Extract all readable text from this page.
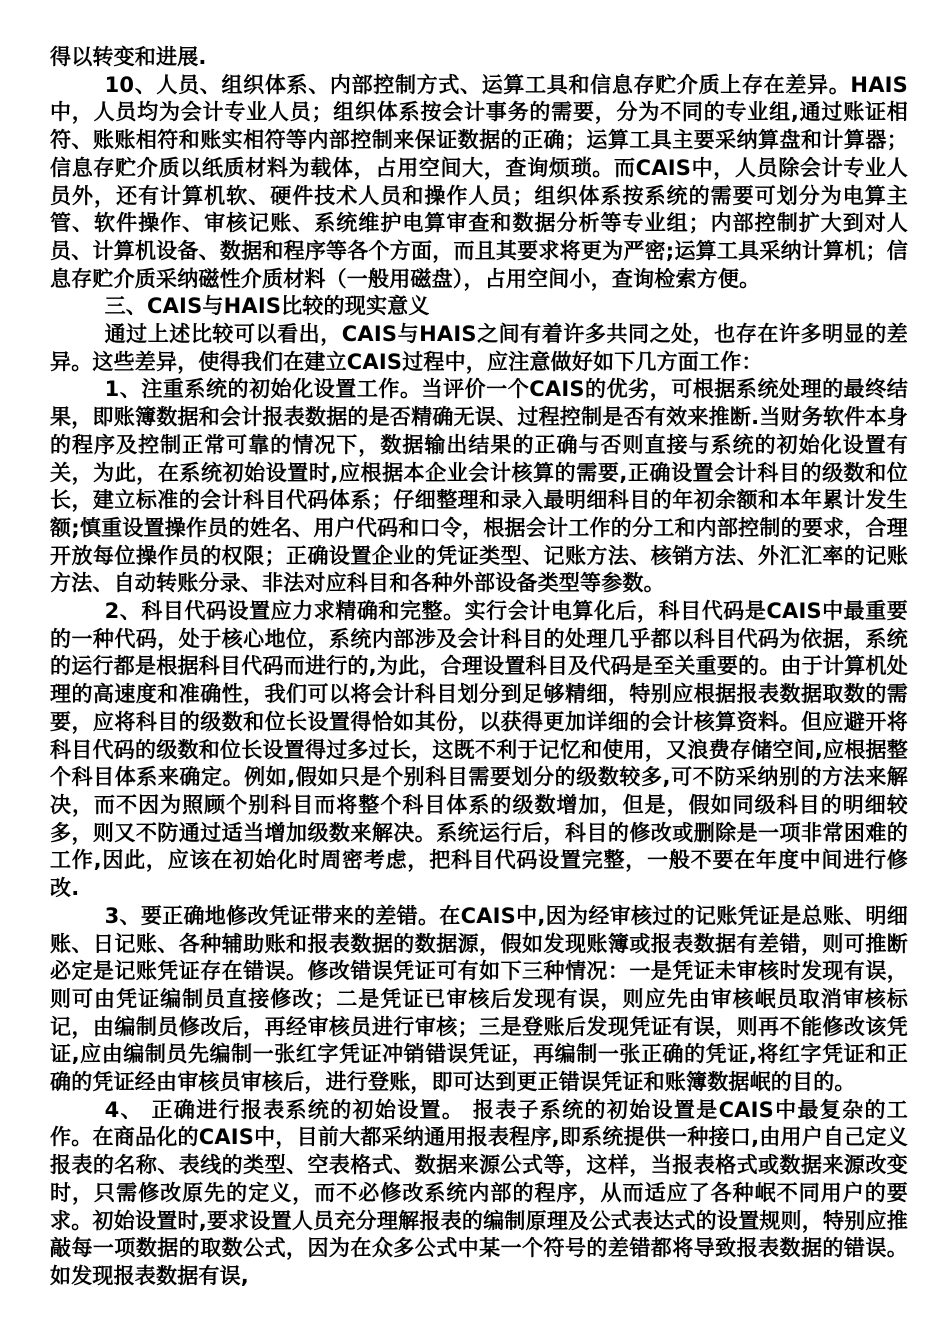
得以转变和进展.

10、人员、组织体系、内部控制方式、运算工具和信息存贮介质上存在差异。HAIS中，人员均为会计专业人员；组织体系按会计事务的需要，分为不同的专业组,通过账证相符、账账相符和账实相符等内部控制来保证数据的正确；运算工具主要采纳算盘和计算器；信息存贮介质以纸质材料为载体，占用空间大，查询烦琐。而CAIS中，人员除会计专业人员外，还有计算机软、硬件技术人员和操作人员；组织体系按系统的需要可划分为电算主管、软件操作、审核记账、系统维护电算审查和数据分析等专业组；内部控制扩大到对人员、计算机设备、数据和程序等各个方面，而且其要求将更为严密;运算工具采纳计算机；信息存贮介质采纳磁性介质材料（一般用磁盘），占用空间小，查询检索方便。

三、CAIS与HAIS比较的现实意义

通过上述比较可以看出，CAIS与HAIS之间有着许多共同之处，也存在许多明显的差异。这些差异，使得我们在建立CAIS过程中，应注意做好如下几方面工作：

1、注重系统的初始化设置工作。当评价一个CAIS的优劣，可根据系统处理的最终结果，即账簿数据和会计报表数据的是否精确无误、过程控制是否有效来推断.当财务软件本身的程序及控制正常可靠的情况下，数据输出结果的正确与否则直接与系统的初始化设置有关，为此，在系统初始设置时,应根据本企业会计核算的需要,正确设置会计科目的级数和位长，建立标准的会计科目代码体系；仔细整理和录入最明细科目的年初余额和本年累计发生额;慎重设置操作员的姓名、用户代码和口令，根据会计工作的分工和内部控制的要求，合理开放每位操作员的权限；正确设置企业的凭证类型、记账方法、核销方法、外汇汇率的记账方法、自动转账分录、非法对应科目和各种外部设备类型等参数。

2、科目代码设置应力求精确和完整。实行会计电算化后，科目代码是CAIS中最重要的一种代码，处于核心地位，系统内部涉及会计科目的处理几乎都以科目代码为依据，系统的运行都是根据科目代码而进行的,为此，合理设置科目及代码是至关重要的。由于计算机处理的高速度和准确性，我们可以将会计科目划分到足够精细，特别应根据报表数据取数的需要，应将科目的级数和位长设置得恰如其份，以获得更加详细的会计核算资料。但应避开将科目代码的级数和位长设置得过多过长，这既不利于记忆和使用，又浪费存储空间,应根据整个科目体系来确定。例如,假如只是个别科目需要划分的级数较多,可不防采纳别的方法来解决，而不因为照顾个别科目而将整个科目体系的级数增加，但是，假如同级科目的明细较多，则又不防通过适当增加级数来解决。系统运行后，科目的修改或删除是一项非常困难的工作,因此，应该在初始化时周密考虑，把科目代码设置完整，一般不要在年度中间进行修改.

3、要正确地修改凭证带来的差错。在CAIS中,因为经审核过的记账凭证是总账、明细账、日记账、各种辅助账和报表数据的数据源，假如发现账簿或报表数据有差错，则可推断必定是记账凭证存在错误。修改错误凭证可有如下三种情况：一是凭证未审核时发现有误，则可由凭证编制员直接修改；二是凭证已审核后发现有误，则应先由审核岷员取消审核标记，由编制员修改后，再经审核员进行审核；三是登账后发现凭证有误，则再不能修改该凭证,应由编制员先编制一张红字凭证冲销错误凭证，再编制一张正确的凭证,将红字凭证和正确的凭证经由审核员审核后，进行登账，即可达到更正错误凭证和账簿数据岷的目的。

4、 正确进行报表系统的初始设置。 报表子系统的初始设置是CAIS中最复杂的工作。在商品化的CAIS中，目前大都采纳通用报表程序,即系统提供一种接口,由用户自己定义报表的名称、表线的类型、空表格式、数据来源公式等，这样，当报表格式或数据来源改变时，只需修改原先的定义，而不必修改系统内部的程序，从而适应了各种岷不同用户的要求。初始设置时,要求设置人员充分理解报表的编制原理及公式表达式的设置规则，特别应推敲每一项数据的取数公式，因为在众多公式中某一个符号的差错都将导致报表数据的错误。如发现报表数据有误,
